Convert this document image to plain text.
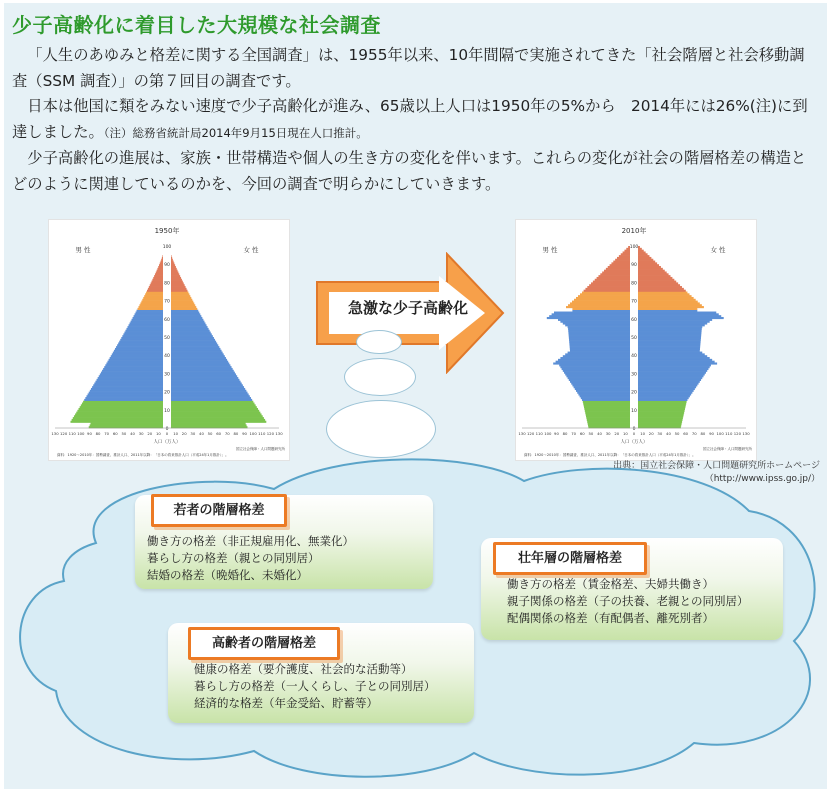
少子高齢化に着目した大規模な社会調査

「人生のあゆみと格差に関する全国調査」は、1955年以来、10年間隔で実施されてきた「社会階層と社会移動調査（SSM 調査）」の第７回目の調査です。

日本は他国に類をみない速度で少子高齢化が進み、65歳以上人口は1950年の5%から　2014年には26%(注)に到達しました。（注）総務省統計局2014年9月15日現在人口推計。

少子高齢化の進展は、家族・世帯構造や個人の生き方の変化を伴います。これらの変化が社会の階層格差の構造とどのように関連しているのかを、今回の調査で明らかにしていきます。

1950年
男 性	女 性
100
90
80
70
60
50
40
30
20
10
0
130 120 110 100 90 80 70 60 50 40 30 20 10 0 10 20 30 40 50 60 70 80 90 100 110 120 130
人口（万人）
資料：1920～2010年：国勢調査、推計人口、2011年以降：「日本の将来推計人口（平成24年1月推計）」。
国立社会保障・人口問題研究所
急激な少子高齢化
2010年
男 性	女 性
100
90
80
70
60
50
40
30
20
10
0
130 120 110 100 90 80 70 60 50 40 30 20 10 0 10 20 30 40 50 60 70 80 90 100 110 120 130
人口（万人）
資料：1920～2010年：国勢調査、推計人口、2011年以降：「日本の将来推計人口（平成24年1月推計）」。
国立社会保障・人口問題研究所
出典：国立社会保障・人口問題研究所ホームページ
（http://www.ipss.go.jp/）
若者の階層格差
働き方の格差（非正規雇用化、無業化）
暮らし方の格差（親との同別居）
結婚の格差（晩婚化、未婚化）
壮年層の階層格差
働き方の格差（賃金格差、夫婦共働き）
親子関係の格差（子の扶養、老親との同別居）
配偶関係の格差（有配偶者、離死別者）
高齢者の階層格差
健康の格差（要介護度、社会的な活動等）
暮らし方の格差（一人くらし、子との同別居）
経済的な格差（年金受給、貯蓄等）
